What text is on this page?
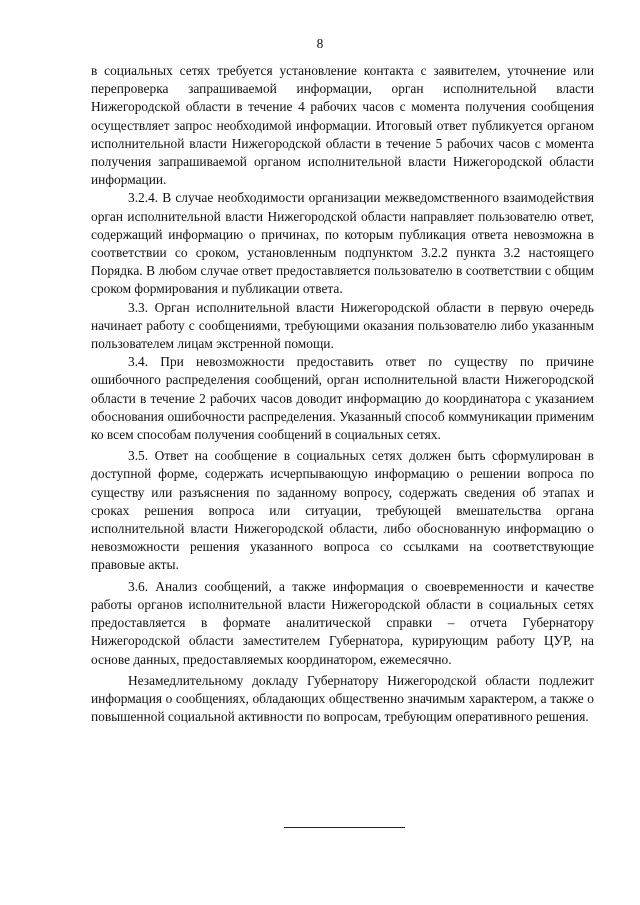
8

в социальных сетях требуется установление контакта с заявителем, уточнение или перепроверка запрашиваемой информации, орган исполнительной власти Нижегородской области в течение 4 рабочих часов с момента получения сообщения осуществляет запрос необходимой информации. Итоговый ответ публикуется органом исполнительной власти Нижегородской области в течение 5 рабочих часов с момента получения запрашиваемой органом исполнительной власти Нижегородской области информации.

3.2.4. В случае необходимости организации межведомственного взаимодействия орган исполнительной власти Нижегородской области направляет пользователю ответ, содержащий информацию о причинах, по которым публикация ответа невозможна в соответствии со сроком, установленным подпунктом 3.2.2 пункта 3.2 настоящего Порядка. В любом случае ответ предоставляется пользователю в соответствии с общим сроком формирования и публикации ответа.

3.3. Орган исполнительной власти Нижегородской области в первую очередь начинает работу с сообщениями, требующими оказания пользователю либо указанным пользователем лицам экстренной помощи.

3.4. При невозможности предоставить ответ по существу по причине ошибочного распределения сообщений, орган исполнительной власти Нижегородской области в течение 2 рабочих часов доводит информацию до координатора с указанием обоснования ошибочности распределения. Указанный способ коммуникации применим ко всем способам получения сообщений в социальных сетях.

3.5. Ответ на сообщение в социальных сетях должен быть сформулирован в доступной форме, содержать исчерпывающую информацию о решении вопроса по существу или разъяснения по заданному вопросу, содержать сведения об этапах и сроках решения вопроса или ситуации, требующей вмешательства органа исполнительной власти Нижегородской области, либо обоснованную информацию о невозможности решения указанного вопроса со ссылками на соответствующие правовые акты.

3.6. Анализ сообщений, а также информация о своевременности и качестве работы органов исполнительной власти Нижегородской области в социальных сетях предоставляется в формате аналитической справки – отчета Губернатору Нижегородской области заместителем Губернатора, курирующим работу ЦУР, на основе данных, предоставляемых координатором, ежемесячно.

Незамедлительному докладу Губернатору Нижегородской области подлежит информация о сообщениях, обладающих общественно значимым характером, а также о повышенной социальной активности по вопросам, требующим оперативного решения.
